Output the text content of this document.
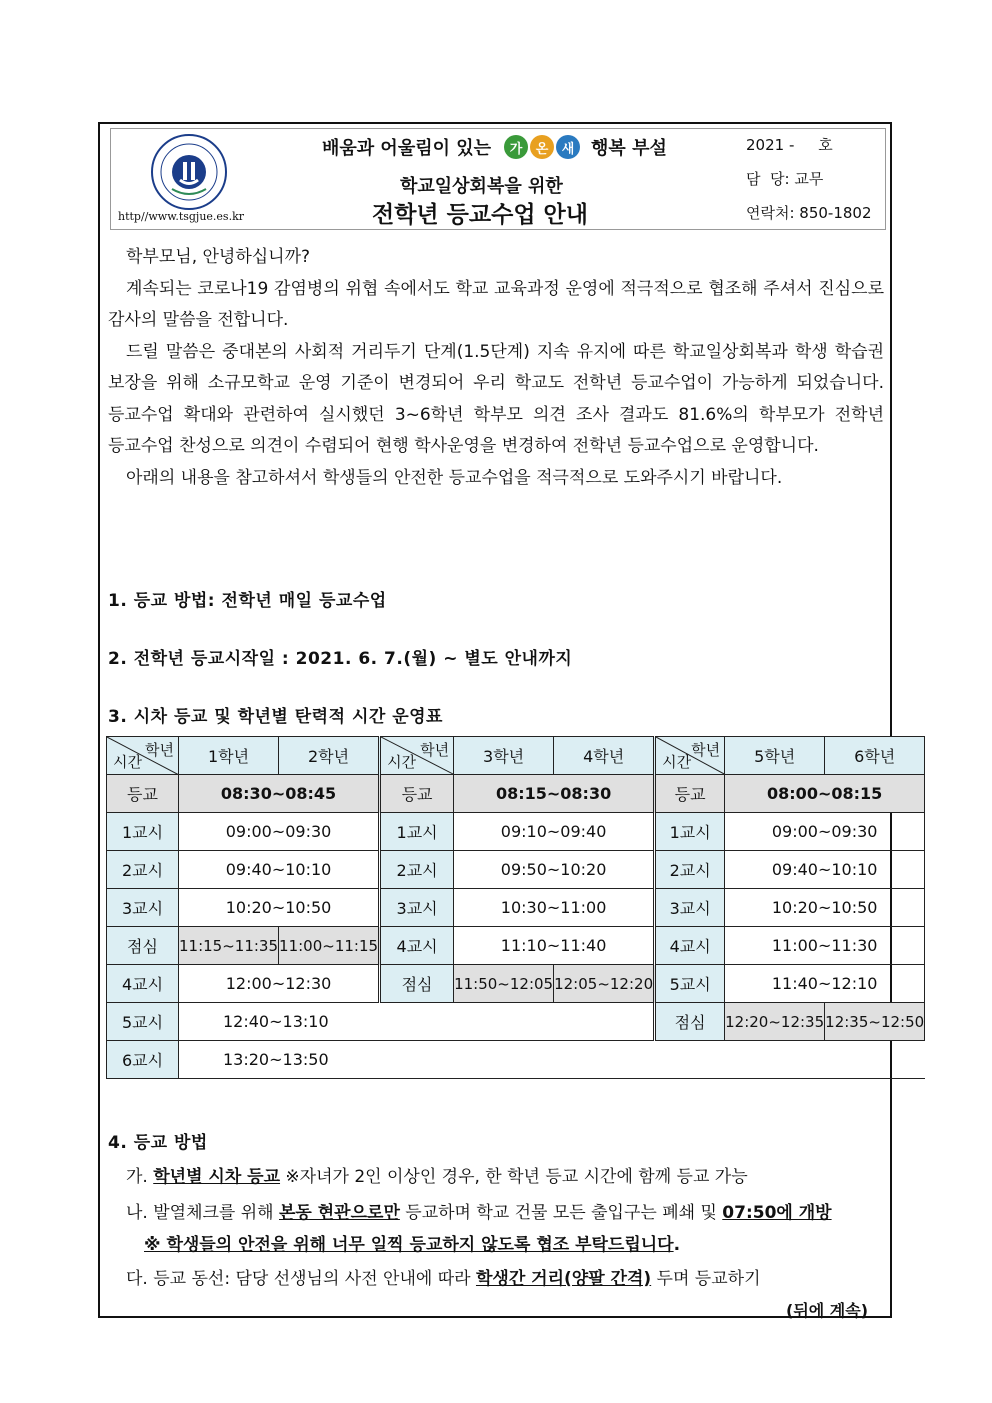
http//www.tsgjue.es.kr
배움과 어울림이 있는	가	온	새 행복 부설
학교일상회복을 위한
전학년 등교수업 안내
2021 -     호
담  당: 교무
연락처: 850-1802

학부모님, 안녕하십니까?

계속되는 코로나19 감염병의 위협 속에서도 학교 교육과정 운영에 적극적으로 협조해 주셔서 진심으로 감사의 말씀을 전합니다.

드릴 말씀은 중대본의 사회적 거리두기 단계(1.5단계) 지속 유지에 따른 학교일상회복과 학생 학습권 보장을 위해 소규모학교 운영 기준이 변경되어 우리 학교도 전학년 등교수업이 가능하게 되었습니다. 등교수업 확대와 관련하여 실시했던 3~6학년 학부모 의견 조사 결과도 81.6%의 학부모가 전학년 등교수업 찬성으로 의견이 수렴되어 현행 학사운영을 변경하여 전학년 등교수업으로 운영합니다.

아래의 내용을 참고하셔서 학생들의 안전한 등교수업을 적극적으로 도와주시기 바랍니다.

1. 등교 방법: 전학년 매일 등교수업
2. 전학년 등교시작일 : 2021. 6. 7.(월) ~ 별도 안내까지
3. 시차 등교 및 학년별 탄력적 시간 운영표
학년
시간	1학년	2학년	학년
시간	3학년	4학년	학년
시간	5학년	6학년
등교	08:30~08:45		등교	08:15~08:30		등교	08:00~08:15	
1교시	09:00~09:30		1교시	09:10~09:40		1교시	09:00~09:30	
2교시	09:40~10:10		2교시	09:50~10:20		2교시	09:40~10:10	
3교시	10:20~10:50		3교시	10:30~11:00		3교시	10:20~10:50	
점심	11:15~11:35	11:00~11:15	4교시	11:10~11:40		4교시	11:00~11:30	
4교시	12:00~12:30		점심	11:50~12:05	12:05~12:20	5교시	11:40~12:10	
5교시	12:40~13:10					점심	12:20~12:35	12:35~12:50
6교시	13:20~13:50							
4. 등교 방법
가. 학년별 시차 등교 ※자녀가 2인 이상인 경우, 한 학년 등교 시간에 함께 등교 가능
나. 발열체크를 위해 본동 현관으로만 등교하며 학교 건물 모든 출입구는 폐쇄 및 07:50에 개방
※ 학생들의 안전을 위해 너무 일찍 등교하지 않도록 협조 부탁드립니다.
다. 등교 동선: 담당 선생님의 사전 안내에 따라 학생간 거리(양팔 간격) 두며 등교하기
(뒤에 계속)
